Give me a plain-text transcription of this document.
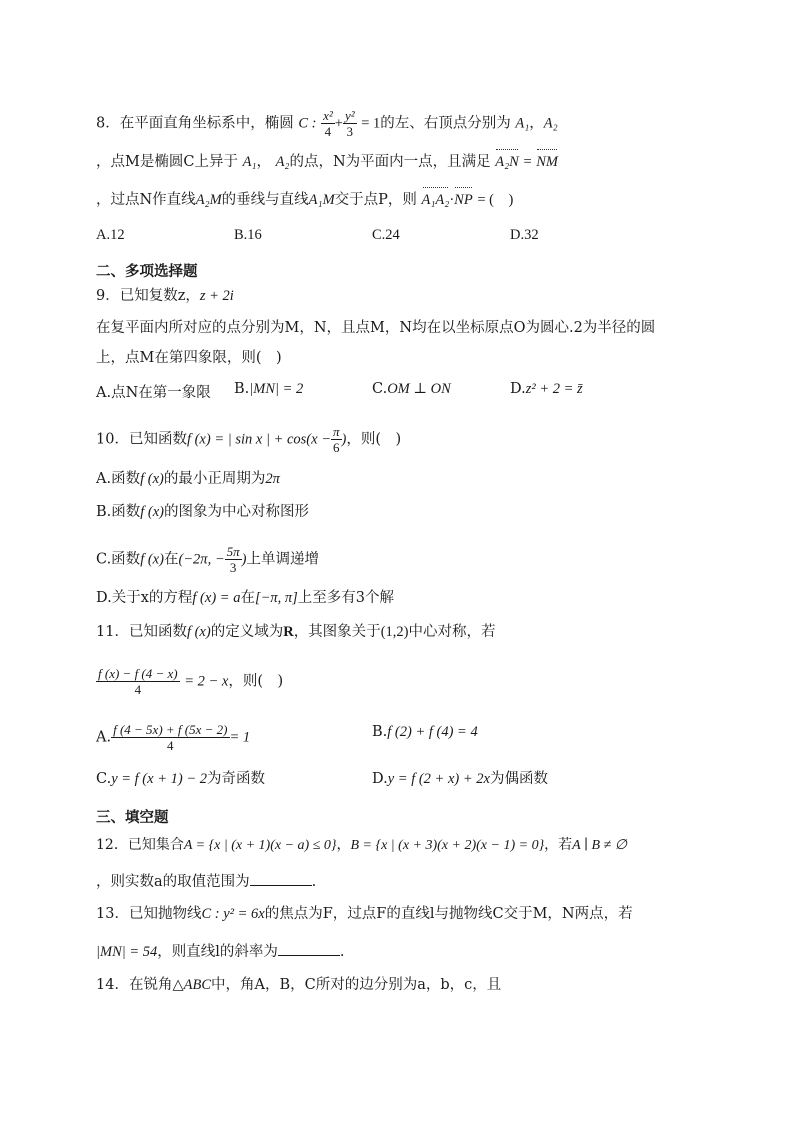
8．在平面直角坐标系中，椭圆 C : $\frac{\text{x²}}{4} + \frac{\text{y²}}{3} = 1$的左、右顶点分别为 A₁，A₂
，点M是椭圆C上异于 A₁， A₂的点，N为平面内一点，且满足 A₂N = NM
，过点N作直线A₂M的垂线与直线A₁M交于点P，则 A₁A₂·NP = (　)
A.12	B.16	C.24	D.32
二、多项选择题
9．已知复数z，z + 2i
在复平面内所对应的点分别为M，N，且点M，N均在以坐标原点O为圆心.2为半径的圆
上，点M在第四象限，则(　)
A.点N在第一象限 B.|MN| = 2	C.OM ⊥ ON	D.z² + 2 = z̄
10．已知函数f (x) = | sin x | + $\cos(x - \frac{\pi}{6}$ )，则(　)
A.函数f (x)的最小正周期为2π
B.函数f (x)的图象为中心对称图形
C.函数f (x)在(−2π, − $\frac{5\pi}{3}$ )上单调递增
D.关于x的方程f (x) = a在[−π, π]上至多有3个解
11．已知函数f (x)的定义域为R，其图象关于(1,2)中心对称，若
$\frac{f (x) - f (4 - x)}{4} = 2 - x$，则(　)
A. $\frac{f (4 - 5x) + f (5x - 2)}{4} = 1$	B.f (2) + f (4) = 4
C.y = f (x + 1) − 2为奇函数	D.y = f (2 + x) + 2x为偶函数
三、填空题
12．已知集合A = {x | (x + 1)(x − a) ≤ 0}，B = {x | (x + 3)(x + 2)(x − 1) = 0}，若A ∣ B ≠ ∅
，则实数a的取值范围为	.
13．已知抛物线C : y² = 6x的焦点为F，过点F的直线l与抛物线C交于M，N两点，若
|MN| = 54，则直线l的斜率为	.
14．在锐角△ABC中，角A，B，C所对的边分别为a，b，c，且
